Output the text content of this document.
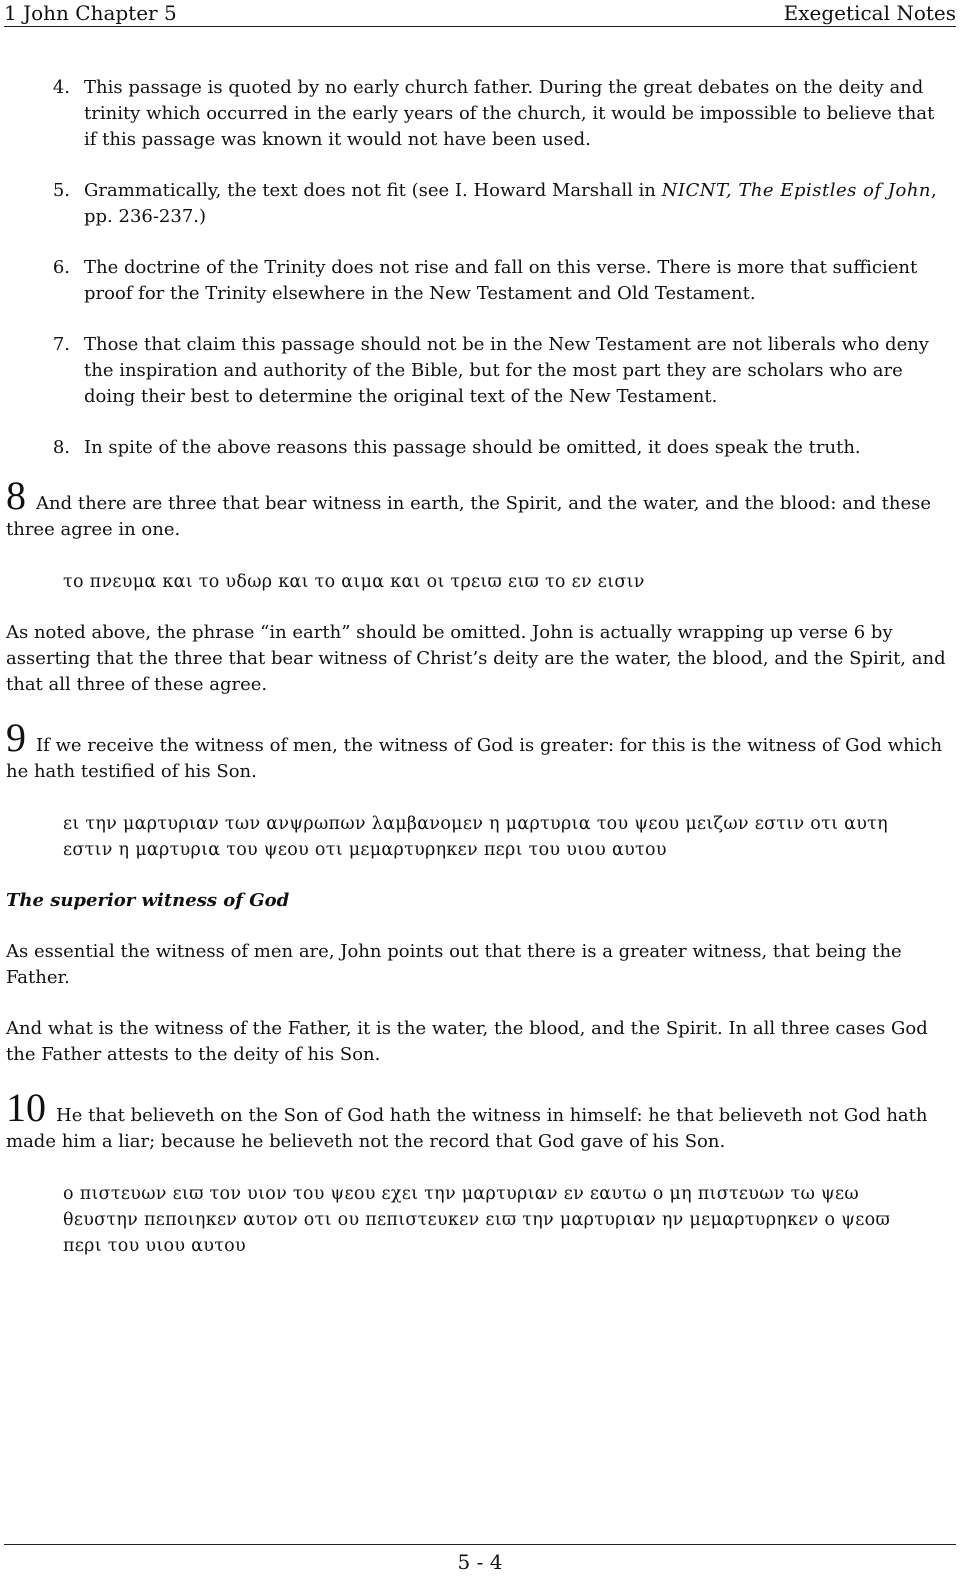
1 John Chapter 5	Exegetical Notes
4. This passage is quoted by no early church father. During the great debates on the deity and trinity which occurred in the early years of the church, it would be impossible to believe that if this passage was known it would not have been used.
5. Grammatically, the text does not fit (see I. Howard Marshall in NICNT, The Epistles of John, pp. 236-237.)
6. The doctrine of the Trinity does not rise and fall on this verse. There is more that sufficient proof for the Trinity elsewhere in the New Testament and Old Testament.
7. Those that claim this passage should not be in the New Testament are not liberals who deny the inspiration and authority of the Bible, but for the most part they are scholars who are doing their best to determine the original text of the New Testament.
8. In spite of the above reasons this passage should be omitted, it does speak the truth.

8 And there are three that bear witness in earth, the Spirit, and the water, and the blood: and these three agree in one.

το πνευμα και το υδωρ και το αιμα και οι τρειϖ ειϖ το εν εισιν
As noted above, the phrase “in earth” should be omitted. John is actually wrapping up verse 6 by asserting that the three that bear witness of Christ’s deity are the water, the blood, and the Spirit, and that all three of these agree.

9 If we receive the witness of men, the witness of God is greater: for this is the witness of God which he hath testified of his Son.

ει την μαρτυριαν των ανψρωπων λαμβανομεν η μαρτυρια του ψεου μειζων εστιν οτι αυτη εστιν η μαρτυρια του ψεου οτι μεμαρτυρηκεν περι του υιου αυτου
The superior witness of God
As essential the witness of men are, John points out that there is a greater witness, that being the Father.
And what is the witness of the Father, it is the water, the blood, and the Spirit. In all three cases God the Father attests to the deity of his Son.

10 He that believeth on the Son of God hath the witness in himself: he that believeth not God hath made him a liar; because he believeth not the record that God gave of his Son.

ο πιστευων ειϖ τον υιον του ψεου εχει την μαρτυριαν εν εαυτω ο μη πιστευων τω ψεω θευστην πεποιηκεν αυτον οτι ου πεπιστευκεν ειϖ την μαρτυριαν ην μεμαρτυρηκεν ο ψεοϖ περι του υιου αυτου
5 - 4
